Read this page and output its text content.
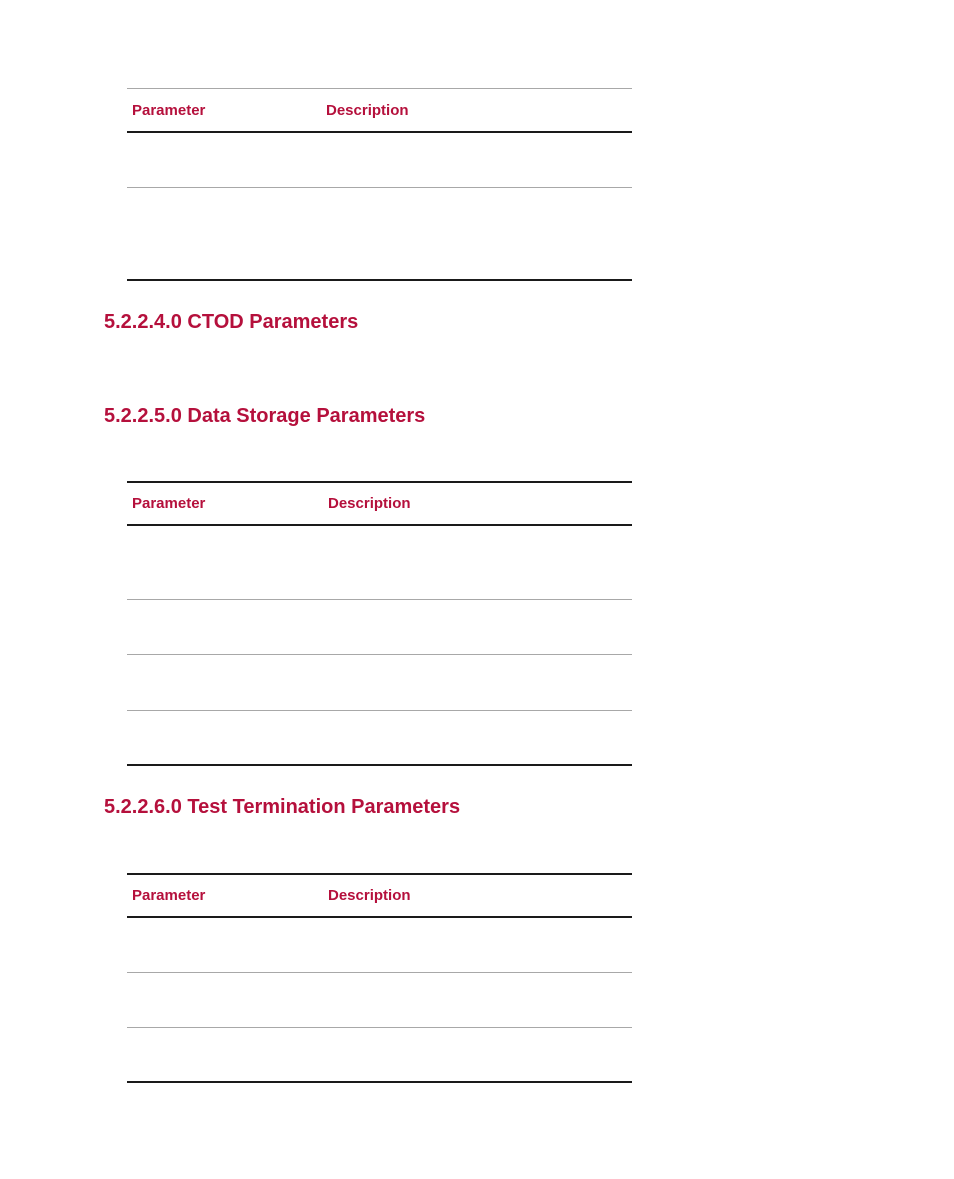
Parameter	Description
5.2.2.4.0 CTOD Parameters
5.2.2.5.0 Data Storage Parameters
Parameter	Description
5.2.2.6.0 Test Termination Parameters
Parameter	Description
